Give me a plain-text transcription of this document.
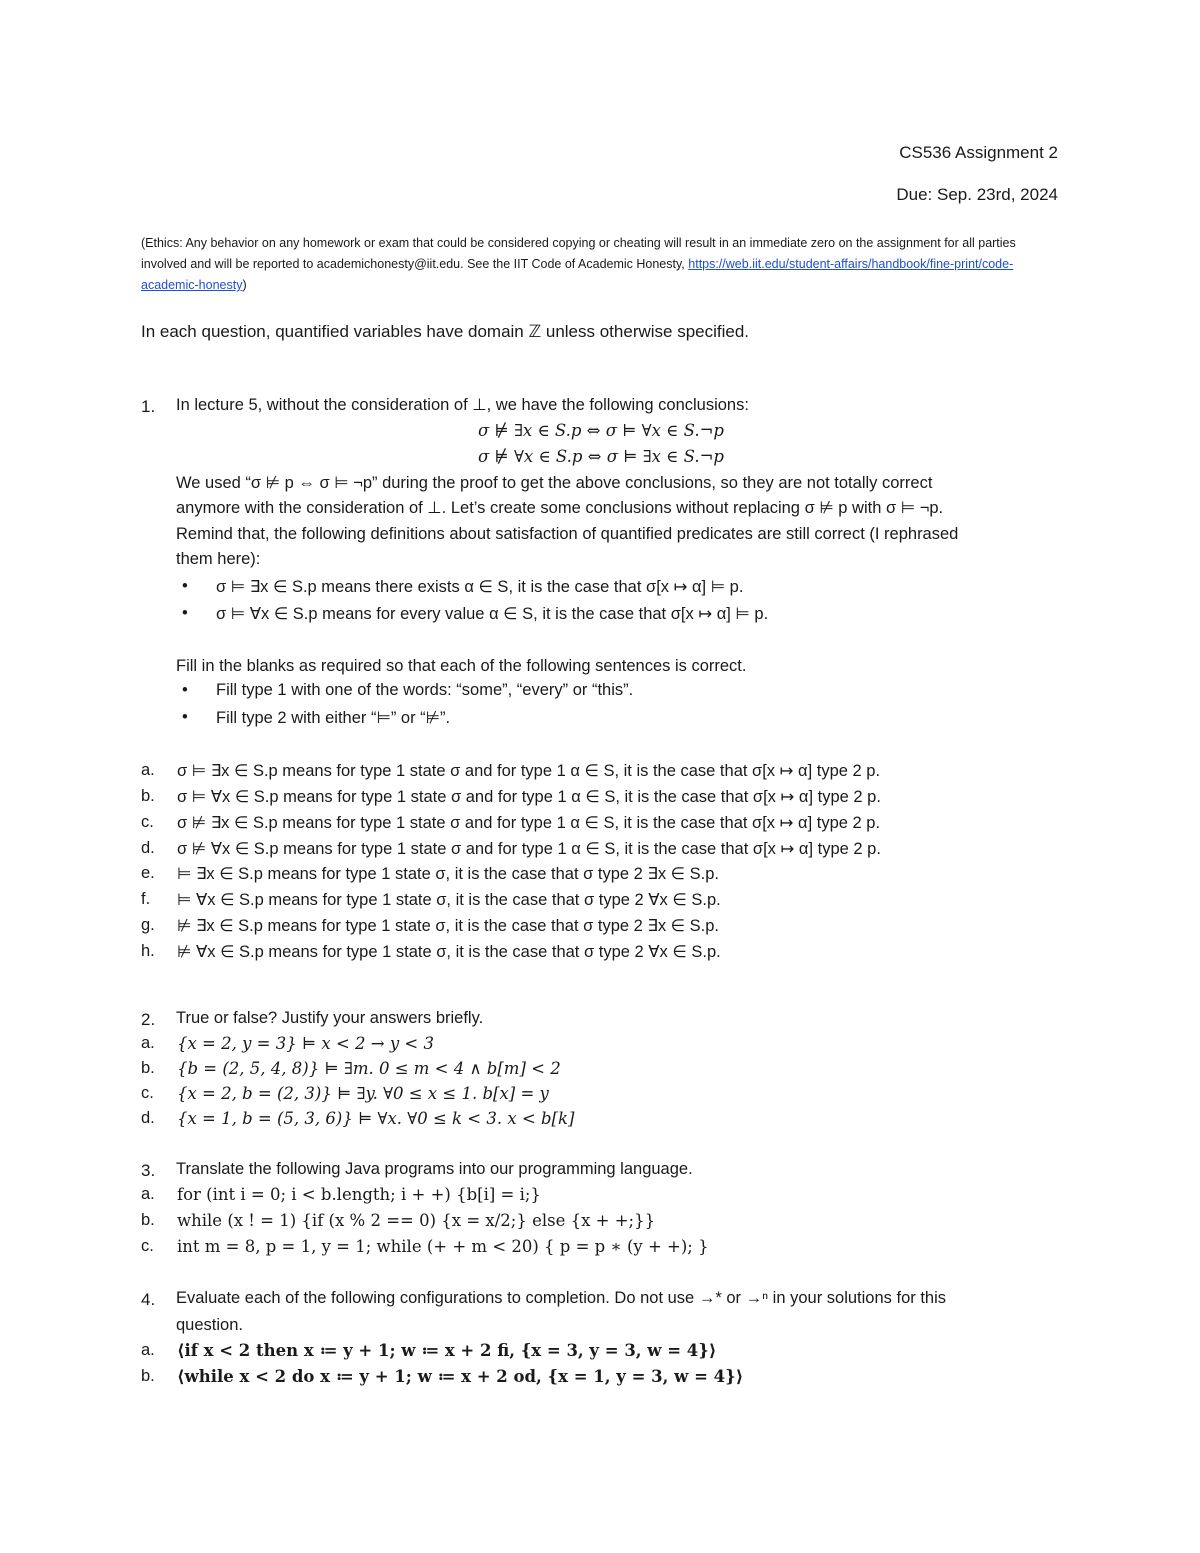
CS536 Assignment 2
Due: Sep. 23rd, 2024
(Ethics: Any behavior on any homework or exam that could be considered copying or cheating will result in an immediate zero on the assignment for all parties involved and will be reported to academichonesty@iit.edu. See the IIT Code of Academic Honesty, https://web.iit.edu/student-affairs/handbook/fine-print/code-academic-honesty)
In each question, quantified variables have domain ℤ unless otherwise specified.
1. In lecture 5, without the consideration of ⊥, we have the following conclusions:
σ ⊭ ∃x ∈ S.p ⇔ σ ⊨ ∀x ∈ S.¬p
σ ⊭ ∀x ∈ S.p ⇔ σ ⊨ ∃x ∈ S.¬p
We used “σ ⊭ p ⇔ σ ⊨ ¬p” during the proof to get the above conclusions, so they are not totally correct
anymore with the consideration of ⊥. Let’s create some conclusions without replacing σ ⊭ p with σ ⊨ ¬p.
Remind that, the following definitions about satisfaction of quantified predicates are still correct (I rephrased
them here):
• σ ⊨ ∃x ∈ S.p means there exists α ∈ S, it is the case that σ[x ↦ α] ⊨ p.
• σ ⊨ ∀x ∈ S.p means for every value α ∈ S, it is the case that σ[x ↦ α] ⊨ p.
Fill in the blanks as required so that each of the following sentences is correct.
• Fill type 1 with one of the words: “some”, “every” or “this”.
• Fill type 2 with either “⊨” or “⊭”.
a. σ ⊨ ∃x ∈ S.p means for type 1 state σ and for type 1 α ∈ S, it is the case that σ[x ↦ α] type 2 p.
b. σ ⊨ ∀x ∈ S.p means for type 1 state σ and for type 1 α ∈ S, it is the case that σ[x ↦ α] type 2 p.
c. σ ⊭ ∃x ∈ S.p means for type 1 state σ and for type 1 α ∈ S, it is the case that σ[x ↦ α] type 2 p.
d. σ ⊭ ∀x ∈ S.p means for type 1 state σ and for type 1 α ∈ S, it is the case that σ[x ↦ α] type 2 p.
e. ⊨ ∃x ∈ S.p means for type 1 state σ, it is the case that σ type 2 ∃x ∈ S.p.
f. ⊨ ∀x ∈ S.p means for type 1 state σ, it is the case that σ type 2 ∀x ∈ S.p.
g. ⊭ ∃x ∈ S.p means for type 1 state σ, it is the case that σ type 2 ∃x ∈ S.p.
h. ⊭ ∀x ∈ S.p means for type 1 state σ, it is the case that σ type 2 ∀x ∈ S.p.
2. True or false? Justify your answers briefly.
a. {x = 2, y = 3} ⊨ x < 2 → y < 3
b. {b = (2, 5, 4, 8)} ⊨ ∃m. 0 ≤ m < 4 ∧ b[m] < 2
c. {x = 2, b = (2, 3)} ⊨ ∃y. ∀0 ≤ x ≤ 1. b[x] = y
d. {x = 1, b = (5, 3, 6)} ⊨ ∀x. ∀0 ≤ k < 3. x < b[k]
3. Translate the following Java programs into our programming language.
a. for (int i = 0; i < b.length; i + +) {b[i] = i;}
b. while (x ! = 1) {if (x % 2 == 0) {x = x/2;} else {x + +;}}
c. int m = 8, p = 1, y = 1; while (+ + m < 20) { p = p ∗ (y + +); }
4. Evaluate each of the following configurations to completion. Do not use →* or →ⁿ in your solutions for this
question.
a. ⟨if x < 2 then x ≔ y + 1; w ≔ x + 2 fi, {x = 3, y = 3, w = 4}⟩
b. ⟨while x < 2 do x ≔ y + 1; w ≔ x + 2 od, {x = 1, y = 3, w = 4}⟩
